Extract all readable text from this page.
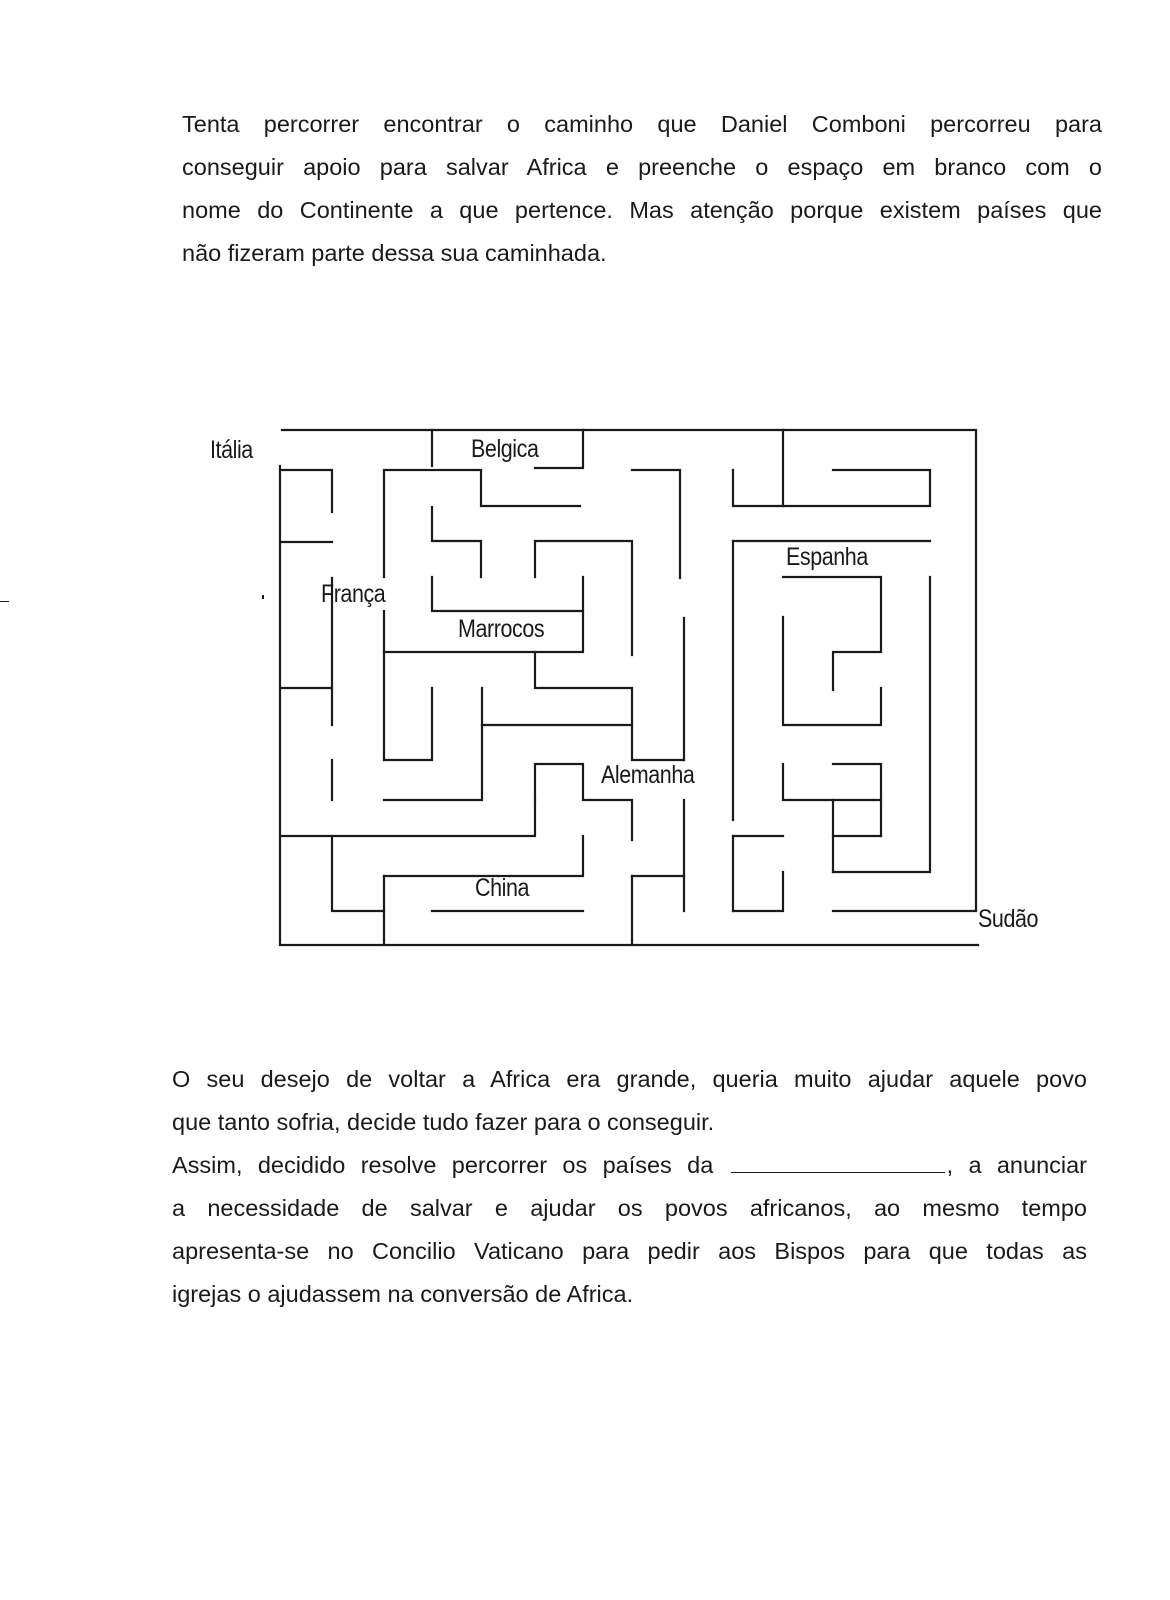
Tenta percorrer encontrar o caminho que Daniel Comboni percorreu para
conseguir apoio para salvar Africa e preenche o espaço em branco com o
nome do Continente a que pertence. Mas atenção porque existem países que
não fizeram parte dessa sua caminhada.
Itália	Belgica
Espanha
França
Marrocos
Alemanha
China
Sudão
O seu desejo de voltar a Africa era grande, queria muito ajudar aquele povo
que tanto sofria, decide tudo fazer para o conseguir.
Assim, decidido resolve percorrer os países da	, a anunciar
a necessidade de salvar e ajudar os povos africanos, ao mesmo tempo
apresenta-se no Concilio Vaticano para pedir aos Bispos para que todas as
igrejas o ajudassem na conversão de Africa.
